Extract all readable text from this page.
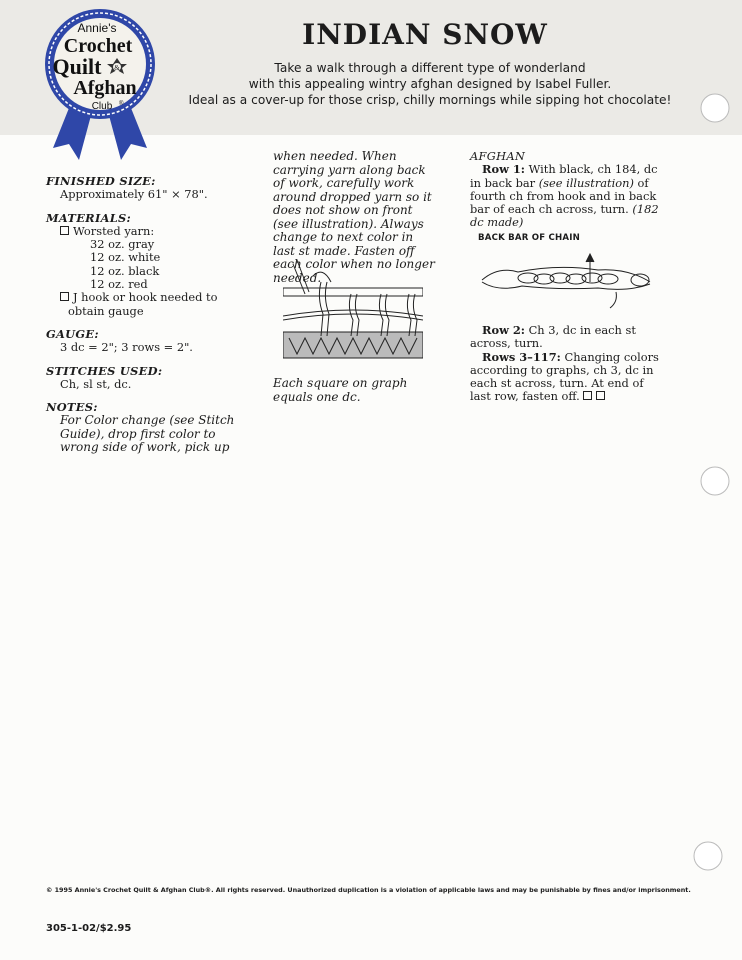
Annie's
Crochet
Quilt &
Afghan
Club ®
INDIAN SNOW
Take a walk through a different type of wonderland
with this appealing wintry afghan designed by Isabel Fuller.
Ideal as a cover-up for those crisp, chilly mornings while sipping hot chocolate!
FINISHED SIZE:
Approximately 61" × 78".
MATERIALS:
Worsted yarn:
32 oz. gray
12 oz. white
12 oz. black
12 oz. red
J hook or hook needed to obtain gauge
GAUGE:
3 dc = 2"; 3 rows = 2".
STITCHES USED:
Ch, sl st, dc.
NOTES:
For Color change (see Stitch Guide), drop first color to wrong side of work, pick up
when needed. When carrying yarn along back of work, carefully work around dropped yarn so it does not show on front (see illustration). Always change to next color in last st made. Fasten off each color when no longer needed.
Each square on graph equals one dc.
AFGHAN
Row 1: With black, ch 184, dc in back bar (see illustration) of fourth ch from hook and in back bar of each ch across, turn. (182 dc made)
BACK BAR OF CHAIN
Row 2: Ch 3, dc in each st across, turn.
Rows 3–117: Changing colors according to graphs, ch 3, dc in each st across, turn. At end of last row, fasten off.
© 1995 Annie's Crochet Quilt & Afghan Club®. All rights reserved. Unauthorized duplication is a violation of applicable laws and may be punishable by fines and/or imprisonment.
305-1-02/$2.95
